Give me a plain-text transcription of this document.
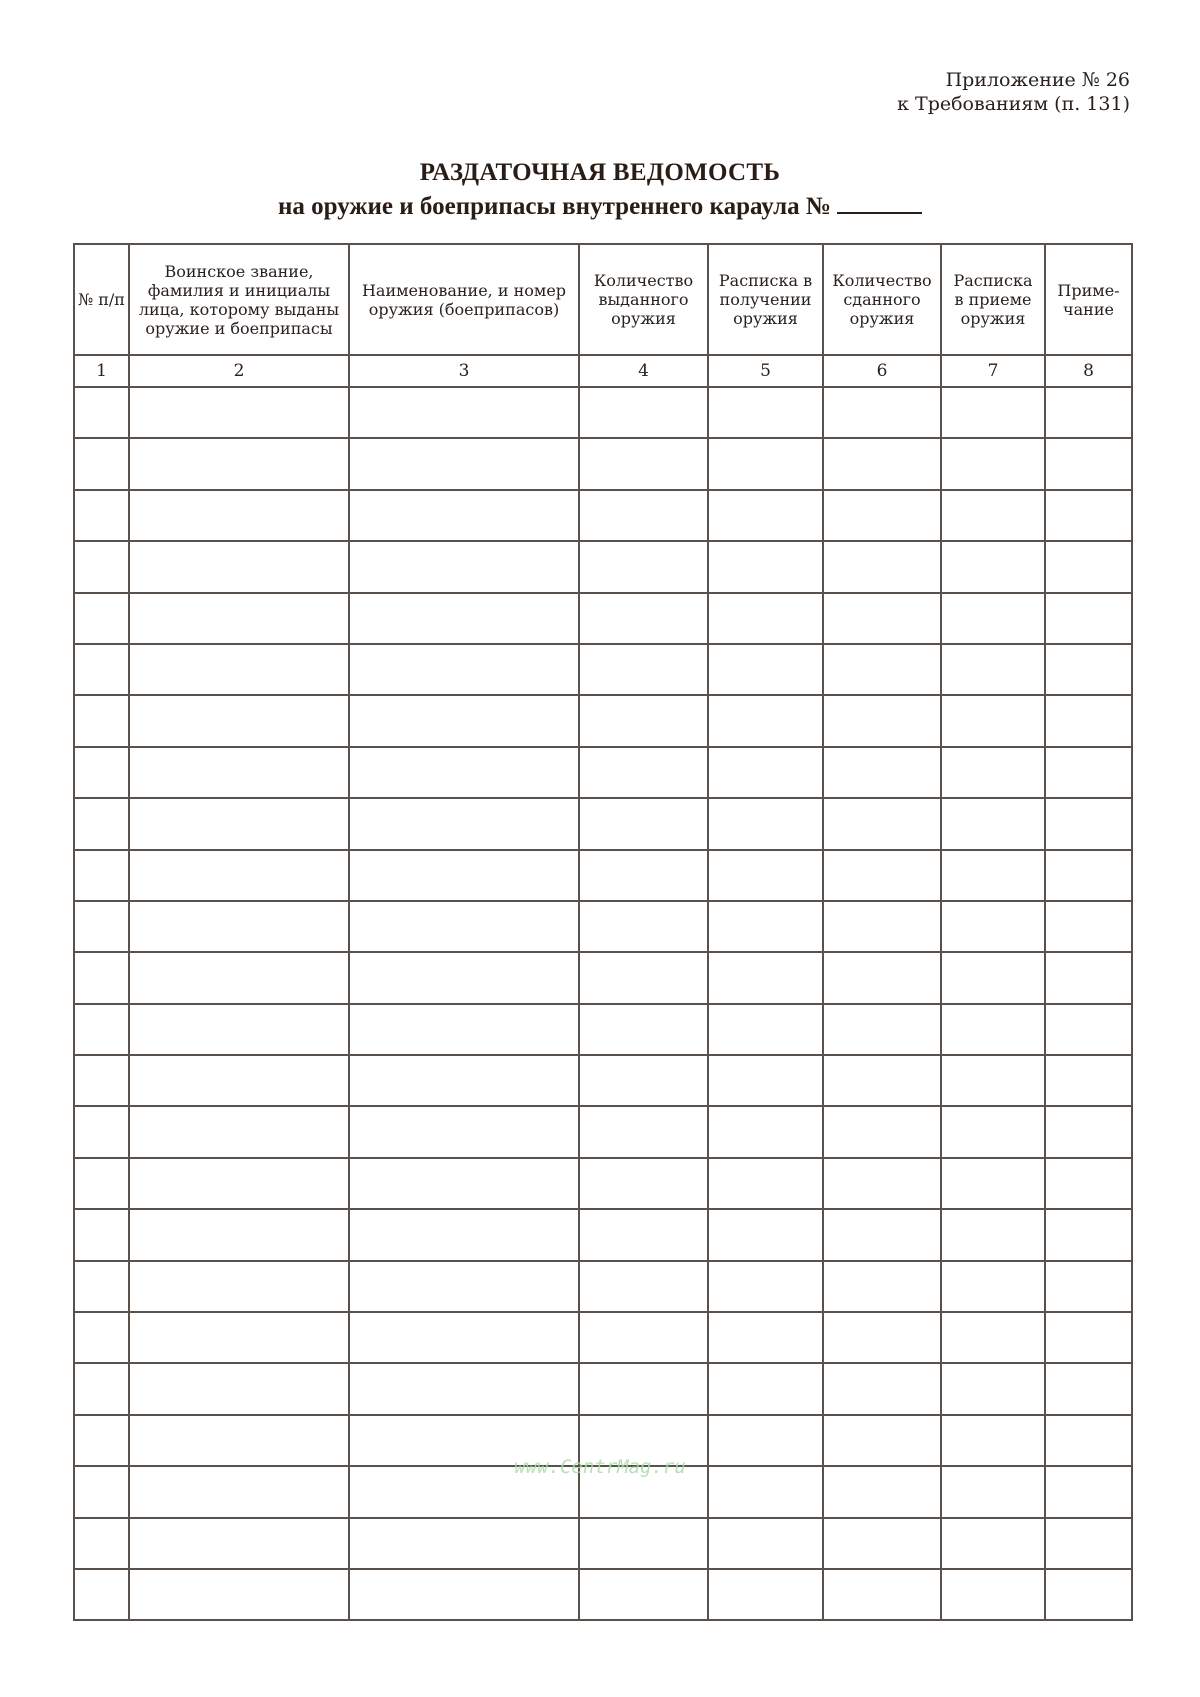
Приложение № 26
к Требованиям (п. 131)
РАЗДАТОЧНАЯ ВЕДОМОСТЬ
на оружие и боеприпасы внутреннего караула №
№ п/п	Воинское звание, фамилия и инициалы лица, которому выданы оружие и боеприпасы	Наименование, и номер оружия (боеприпасов)	Количество выданного оружия	Расписка в получении оружия	Количество сданного оружия	Расписка в приеме оружия	Приме-чание
1	2	3	4	5	6	7	8

www.CentrMag.ru
